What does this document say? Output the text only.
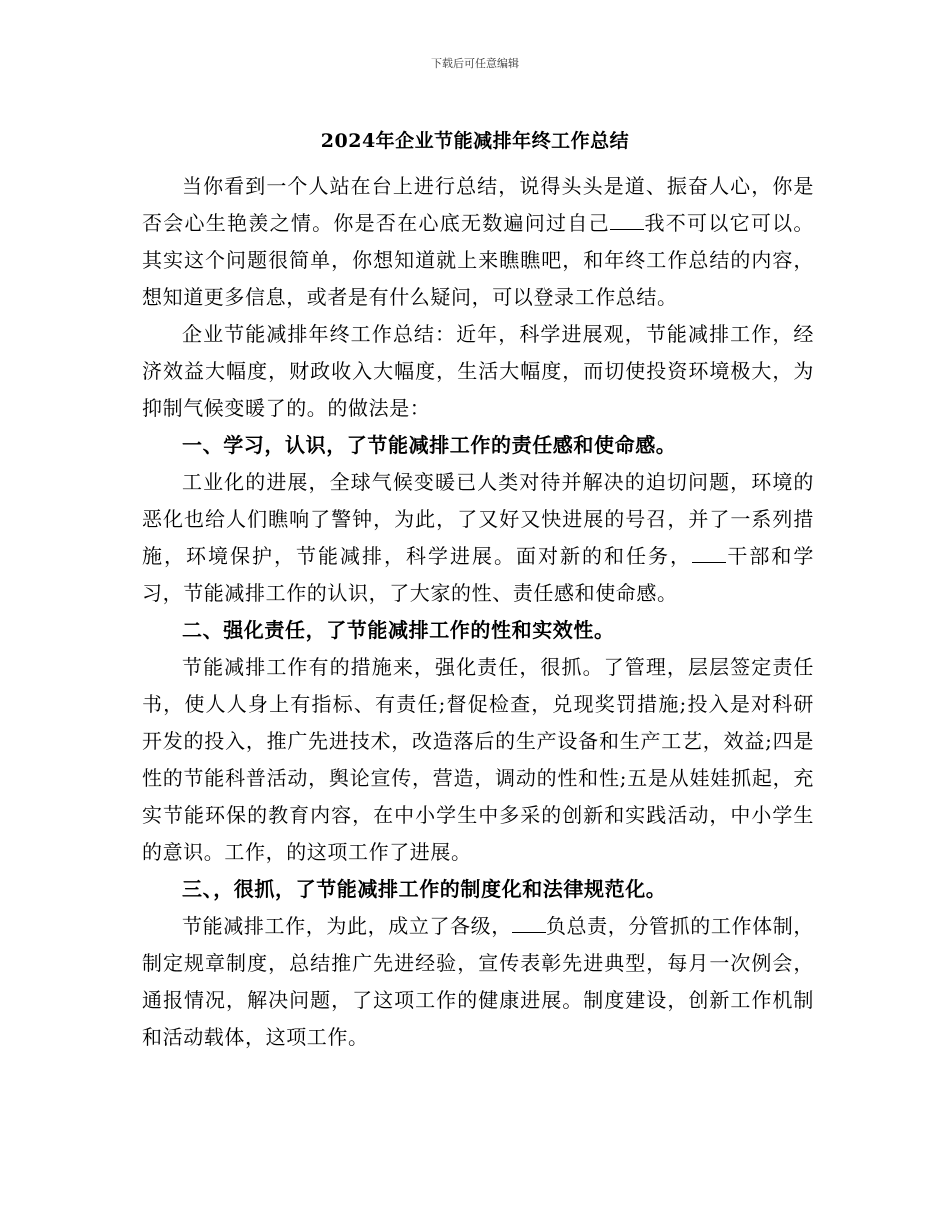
下载后可任意编辑
2024年企业节能减排年终工作总结

当你看到一个人站在台上进行总结，说得头头是道、振奋人心，你是否会心生艳羡之情。你是否在心底无数遍问过自己 我不可以它可以。其实这个问题很简单，你想知道就上来瞧瞧吧，和年终工作总结的内容，想知道更多信息，或者是有什么疑问，可以登录工作总结。

企业节能减排年终工作总结：近年，科学进展观，节能减排工作，经济效益大幅度，财政收入大幅度，生活大幅度，而切使投资环境极大，为抑制气候变暖了的。的做法是：

一、学习，认识，了节能减排工作的责任感和使命感。

工业化的进展，全球气候变暖已人类对待并解决的迫切问题，环境的恶化也给人们瞧响了警钟，为此，了又好又快进展的号召，并了一系列措施，环境保护，节能减排，科学进展。面对新的和任务， 干部和学习，节能减排工作的认识，了大家的性、责任感和使命感。

二、强化责任，了节能减排工作的性和实效性。

节能减排工作有的措施来，强化责任，很抓。了管理，层层签定责任书，使人人身上有指标、有责任;督促检查，兑现奖罚措施;投入是对科研开发的投入，推广先进技术，改造落后的生产设备和生产工艺，效益;四是性的节能科普活动，舆论宣传，营造，调动的性和性;五是从娃娃抓起，充实节能环保的教育内容，在中小学生中多采的创新和实践活动，中小学生的意识。工作，的这项工作了进展。

三、，很抓，了节能减排工作的制度化和法律规范化。

节能减排工作，为此，成立了各级， 负总责，分管抓的工作体制，制定规章制度，总结推广先进经验，宣传表彰先进典型，每月一次例会，通报情况，解决问题，了这项工作的健康进展。制度建设，创新工作机制和活动载体，这项工作。
